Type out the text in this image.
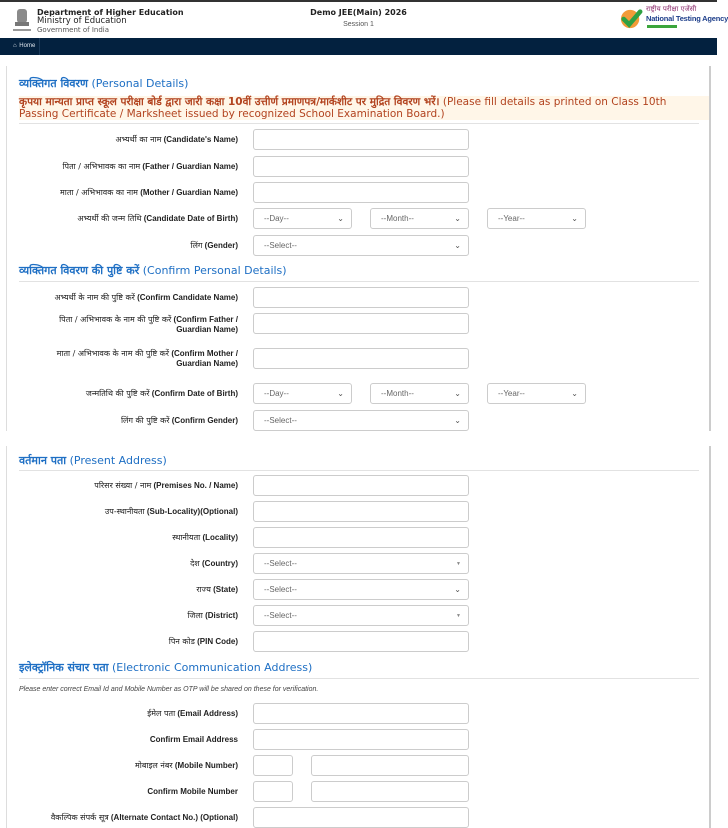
Department of Higher Education
Ministry of Education
Government of India
Demo JEE(Main) 2026
Session 1
राष्ट्रीय परीक्षा एजेंसी
National Testing Agency
⌂ Home
व्यक्तिगत विवरण (Personal Details)
कृपया मान्यता प्राप्त स्कूल परीक्षा बोर्ड द्वारा जारी कक्षा 10वीं उत्तीर्ण प्रमाणपत्र/मार्कशीट पर मुद्रित विवरण भरें। (Please fill details as printed on Class 10th Passing Certificate / Marksheet issued by recognized School Examination Board.)
अभ्यर्थी का नाम (Candidate's Name)
पिता / अभिभावक का नाम (Father / Guardian Name)
माता / अभिभावक का नाम (Mother / Guardian Name)
अभ्यर्थी की जन्म तिथि (Candidate Date of Birth)	--Day--	⌄	--Month--	⌄	--Year--	⌄
लिंग (Gender)	--Select--	⌄
व्यक्तिगत विवरण की पुष्टि करें (Confirm Personal Details)
अभ्यर्थी के नाम की पुष्टि करें (Confirm Candidate Name)
पिता / अभिभावक के नाम की पुष्टि करें (Confirm Father / Guardian Name)
माता / अभिभावक के नाम की पुष्टि करें (Confirm Mother / Guardian Name)
जन्मतिथि की पुष्टि करें (Confirm Date of Birth)	--Day--	⌄	--Month--	⌄	--Year--	⌄
लिंग की पुष्टि करें (Confirm Gender)	--Select--	⌄
वर्तमान पता (Present Address)
परिसर संख्या / नाम (Premises No. / Name)
उप-स्थानीयता (Sub-Locality)(Optional)
स्थानीयता (Locality)
देश (Country)	--Select--	▼
राज्य (State)	--Select--	⌄
जिला (District)	--Select--	▼
पिन कोड (PIN Code)
इलेक्ट्रॉनिक संचार पता (Electronic Communication Address)
Please enter correct Email Id and Mobile Number as OTP will be shared on these for verification.
ईमेल पता (Email Address)
Confirm Email Address
मोबाइल नंबर (Mobile Number)
Confirm Mobile Number
वैकल्पिक संपर्क सूत्र (Alternate Contact No.) (Optional)
